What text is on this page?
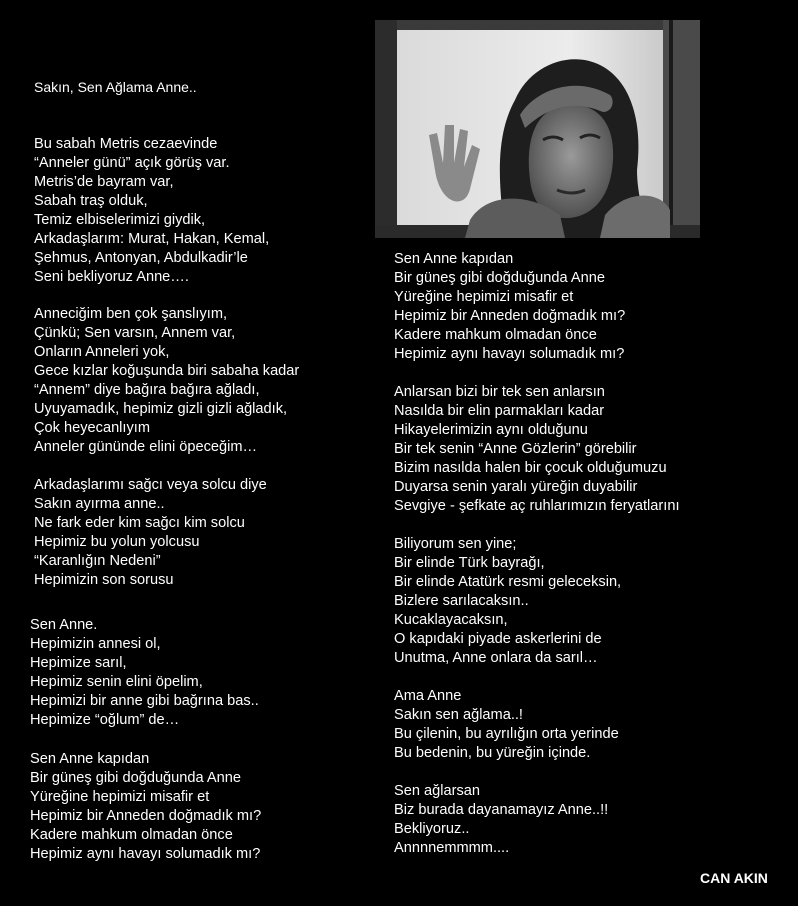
Sakın, Sen Ağlama Anne..
Bu sabah Metris cezaevinde
“Anneler günü” açık görüş var.
Metris’de bayram var,
Sabah traş olduk,
Temiz elbiselerimizi giydik,
Arkadaşlarım: Murat, Hakan, Kemal,
Şehmus, Antonyan, Abdulkadir’le
Seni bekliyoruz Anne….
Anneciğim ben çok şanslıyım,
Çünkü; Sen varsın, Annem var,
Onların Anneleri yok,
Gece kızlar koğuşunda biri sabaha kadar
“Annem” diye bağıra bağıra ağladı,
Uyuyamadık, hepimiz gizli gizli ağladık,
Çok heyecanlıyım
Anneler gününde elini öpeceğim…
Arkadaşlarımı sağcı veya solcu diye
Sakın ayırma anne..
Ne fark eder kim sağcı kim solcu
Hepimiz bu yolun yolcusu
“Karanlığın Nedeni”
Hepimizin son sorusu
Sen Anne.
Hepimizin annesi ol,
Hepimize sarıl,
Hepimiz senin elini öpelim,
Hepimizi bir anne gibi bağrına bas..
Hepimize “oğlum” de…
Sen Anne kapıdan
Bir güneş gibi doğduğunda Anne
Yüreğine hepimizi misafir et
Hepimiz bir Anneden doğmadık mı?
Kadere mahkum olmadan önce
Hepimiz aynı havayı solumadık mı?
Sen Anne kapıdan
Bir güneş gibi doğduğunda Anne
Yüreğine hepimizi misafir et
Hepimiz bir Anneden doğmadık mı?
Kadere mahkum olmadan önce
Hepimiz aynı havayı solumadık mı?
Anlarsan bizi bir tek sen anlarsın
Nasılda bir elin parmakları kadar
Hikayelerimizin aynı olduğunu
Bir tek senin “Anne Gözlerin” görebilir
Bizim nasılda halen bir çocuk olduğumuzu
Duyarsa senin yaralı yüreğin duyabilir
Sevgiye - şefkate aç ruhlarımızın feryatlarını
Biliyorum sen yine;
Bir elinde Türk bayrağı,
Bir elinde Atatürk resmi geleceksin,
Bizlere sarılacaksın..
Kucaklayacaksın,
O kapıdaki piyade askerlerini de
Unutma, Anne onlara da sarıl…
Ama Anne
Sakın sen ağlama..!
Bu çilenin, bu ayrılığın orta yerinde
Bu bedenin, bu yüreğin içinde.
Sen ağlarsan
Biz burada dayanamayız Anne..!!
Bekliyoruz..
Annnnemmmm....
CAN AKIN
